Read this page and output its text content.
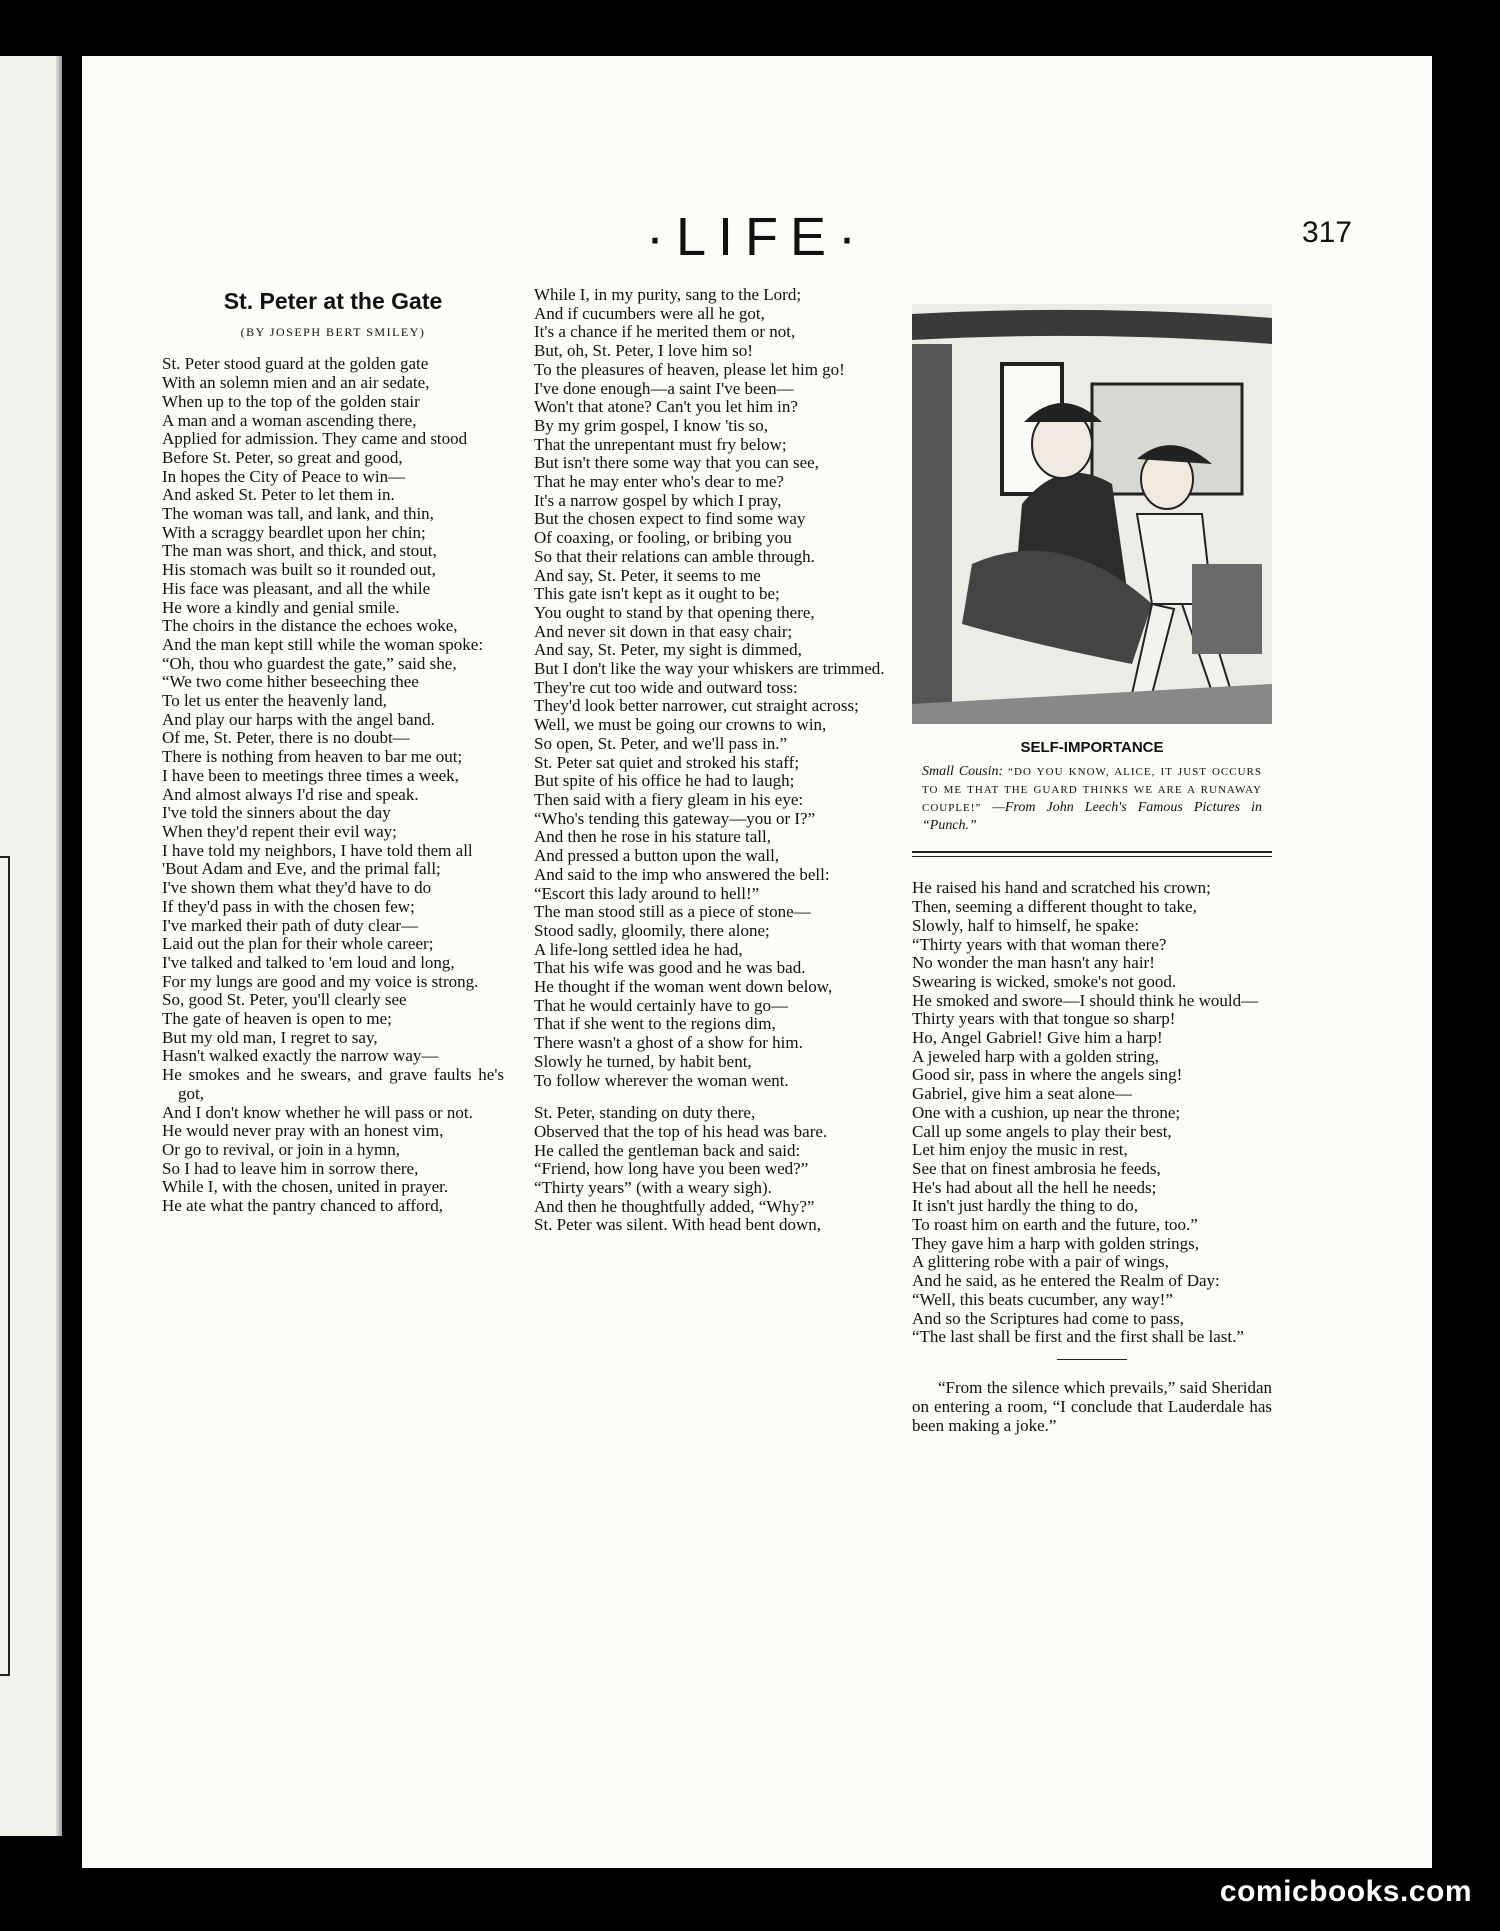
·LIFE·	317
St. Peter at the Gate
(BY JOSEPH BERT SMILEY)

St. Peter stood guard at the golden gate

With an solemn mien and an air sedate,

When up to the top of the golden stair

A man and a woman ascending there,

Applied for admission. They came and stood

Before St. Peter, so great and good,

In hopes the City of Peace to win—

And asked St. Peter to let them in.

The woman was tall, and lank, and thin,

With a scraggy beardlet upon her chin;

The man was short, and thick, and stout,

His stomach was built so it rounded out,

His face was pleasant, and all the while

He wore a kindly and genial smile.

The choirs in the distance the echoes woke,

And the man kept still while the woman spoke:

“Oh, thou who guardest the gate,” said she,

“We two come hither beseeching thee

To let us enter the heavenly land,

And play our harps with the angel band.

Of me, St. Peter, there is no doubt—

There is nothing from heaven to bar me out;

I have been to meetings three times a week,

And almost always I'd rise and speak.

I've told the sinners about the day

When they'd repent their evil way;

I have told my neighbors, I have told them all

'Bout Adam and Eve, and the primal fall;

I've shown them what they'd have to do

If they'd pass in with the chosen few;

I've marked their path of duty clear—

Laid out the plan for their whole career;

I've talked and talked to 'em loud and long,

For my lungs are good and my voice is strong.

So, good St. Peter, you'll clearly see

The gate of heaven is open to me;

But my old man, I regret to say,

Hasn't walked exactly the narrow way—

He smokes and he swears, and grave faults he's got,

And I don't know whether he will pass or not.

He would never pray with an honest vim,

Or go to revival, or join in a hymn,

So I had to leave him in sorrow there,

While I, with the chosen, united in prayer.

He ate what the pantry chanced to afford,

While I, in my purity, sang to the Lord;

And if cucumbers were all he got,

It's a chance if he merited them or not,

But, oh, St. Peter, I love him so!

To the pleasures of heaven, please let him go!

I've done enough—a saint I've been—

Won't that atone? Can't you let him in?

By my grim gospel, I know 'tis so,

That the unrepentant must fry below;

But isn't there some way that you can see,

That he may enter who's dear to me?

It's a narrow gospel by which I pray,

But the chosen expect to find some way

Of coaxing, or fooling, or bribing you

So that their relations can amble through.

And say, St. Peter, it seems to me

This gate isn't kept as it ought to be;

You ought to stand by that opening there,

And never sit down in that easy chair;

And say, St. Peter, my sight is dimmed,

But I don't like the way your whiskers are trimmed.

They're cut too wide and outward toss:

They'd look better narrower, cut straight across;

Well, we must be going our crowns to win,

So open, St. Peter, and we'll pass in.”

St. Peter sat quiet and stroked his staff;

But spite of his office he had to laugh;

Then said with a fiery gleam in his eye:

“Who's tending this gateway—you or I?”

And then he rose in his stature tall,

And pressed a button upon the wall,

And said to the imp who answered the bell:

“Escort this lady around to hell!”

The man stood still as a piece of stone—

Stood sadly, gloomily, there alone;

A life-long settled idea he had,

That his wife was good and he was bad.

He thought if the woman went down below,

That he would certainly have to go—

That if she went to the regions dim,

There wasn't a ghost of a show for him.

Slowly he turned, by habit bent,

To follow wherever the woman went.

St. Peter, standing on duty there,

Observed that the top of his head was bare.

He called the gentleman back and said:

“Friend, how long have you been wed?”

“Thirty years” (with a weary sigh).

And then he thoughtfully added, “Why?”

St. Peter was silent. With head bent down,

SELF-IMPORTANCE
Small Cousin: “DO YOU KNOW, ALICE, IT JUST OCCURS TO ME THAT THE GUARD THINKS WE ARE A RUNAWAY COUPLE!” —From John Leech's Famous Pictures in “Punch.”

He raised his hand and scratched his crown;

Then, seeming a different thought to take,

Slowly, half to himself, he spake:

“Thirty years with that woman there?

No wonder the man hasn't any hair!

Swearing is wicked, smoke's not good.

He smoked and swore—I should think he would—

Thirty years with that tongue so sharp!

Ho, Angel Gabriel! Give him a harp!

A jeweled harp with a golden string,

Good sir, pass in where the angels sing!

Gabriel, give him a seat alone—

One with a cushion, up near the throne;

Call up some angels to play their best,

Let him enjoy the music in rest,

See that on finest ambrosia he feeds,

He's had about all the hell he needs;

It isn't just hardly the thing to do,

To roast him on earth and the future, too.”

They gave him a harp with golden strings,

A glittering robe with a pair of wings,

And he said, as he entered the Realm of Day:

“Well, this beats cucumber, any way!”

And so the Scriptures had come to pass,

“The last shall be first and the first shall be last.”

“From the silence which prevails,” said Sheridan on entering a room, “I conclude that Lauderdale has been making a joke.”
comicbooks.com
